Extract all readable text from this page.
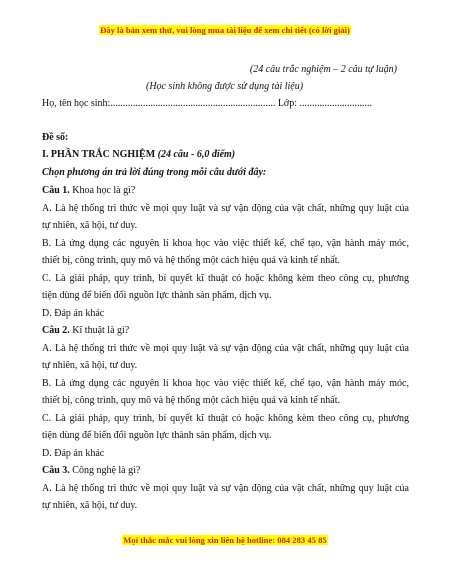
Đây là bản xem thử, vui lòng mua tài liệu để xem chi tiết (có lời giải)
(24 câu trắc nghiệm – 2 câu tự luận)
(Học sinh không được sử dụng tài liệu)
Họ, tên học sinh:.................................................................. Lớp: .............................
Đề số:
I. PHẦN TRẮC NGHIỆM (24 câu - 6,0 điểm)
Chọn phương án trả lời đúng trong mỗi câu dưới đây:
Câu 1. Khoa học là gì?
A. Là hệ thống tri thức về mọi quy luật và sự vận động của vật chất, những quy luật của
tự nhiên, xã hội, tư duy.
B. Là ứng dụng các nguyên lí khoa học vào việc thiết kế, chế tạo, vận hành máy móc,
thiết bị, công trình, quy mô và hệ thống một cách hiệu quả và kinh tế nhất.
C. Là giải pháp, quy trình, bí quyết kĩ thuật có hoặc không kèm theo công cụ, phương
tiện dùng để biến đổi nguồn lực thành sản phẩm, dịch vụ.
D. Đáp án khác
Câu 2. Kĩ thuật là gì?
A. Là hệ thống tri thức về mọi quy luật và sự vận động của vật chất, những quy luật của
tự nhiên, xã hội, tư duy.
B. Là ứng dụng các nguyên lí khoa học vào việc thiết kế, chế tạo, vận hành máy móc,
thiết bị, công trình, quy mô và hệ thống một cách hiệu quả và kinh tế nhất.
C. Là giải pháp, quy trình, bí quyết kĩ thuật có hoặc không kèm theo công cụ, phương
tiện dùng để biến đổi nguồn lực thành sản phẩm, dịch vụ.
D. Đáp án khác
Câu 3. Công nghệ là gì?
A. Là hệ thống tri thức về mọi quy luật và sự vận động của vật chất, những quy luật của
tự nhiên, xã hội, tư duy.
Mọi thắc mắc vui lòng xin liên hệ hotline: 084 283 45 85
